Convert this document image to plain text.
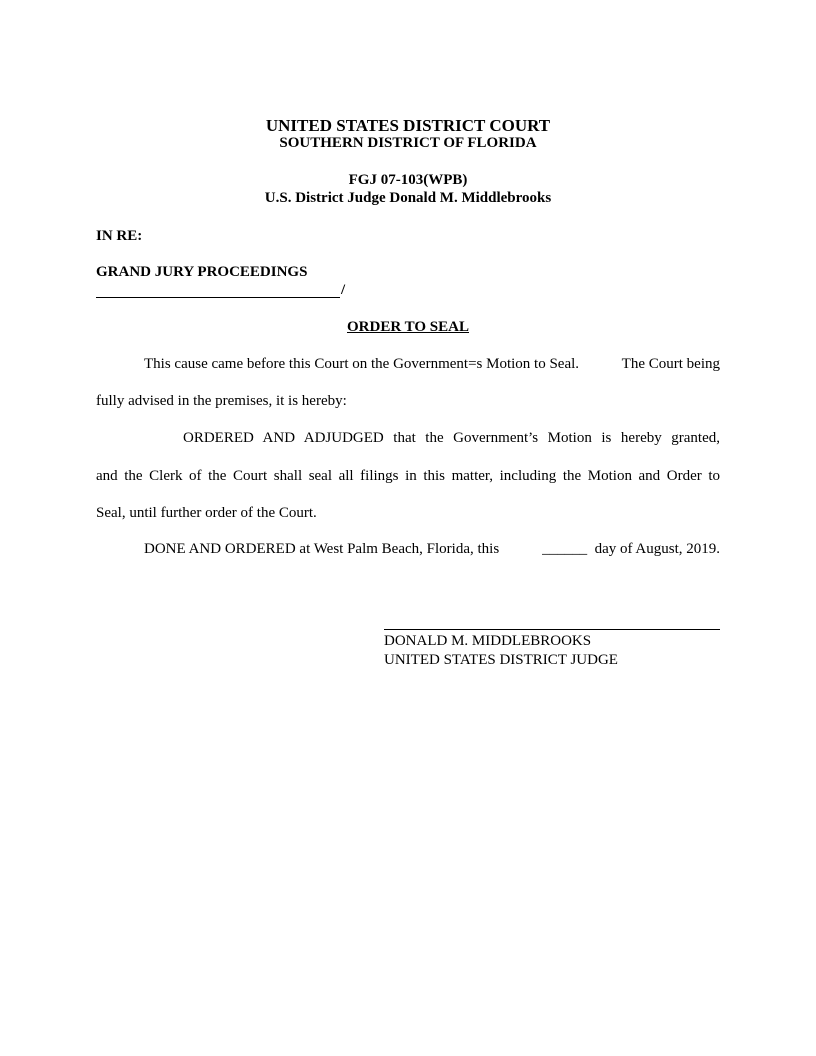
UNITED STATES DISTRICT COURT
SOUTHERN DISTRICT OF FLORIDA
FGJ 07-103(WPB)
U.S. District Judge Donald M. Middlebrooks
IN RE:
GRAND JURY PROCEEDINGS
/
ORDER TO SEAL
This cause came before this Court on the Government=s Motion to Seal.	The Court being
fully advised in the premises, it is hereby:
ORDERED AND ADJUDGED that the Government’s Motion is hereby granted,
and the Clerk of the Court shall seal all filings in this matter, including the Motion and Order to
Seal, until further order of the Court.
DONE AND ORDERED at West Palm Beach, Florida, this	______  day of August, 2019.
DONALD M. MIDDLEBROOKS
UNITED STATES DISTRICT JUDGE
